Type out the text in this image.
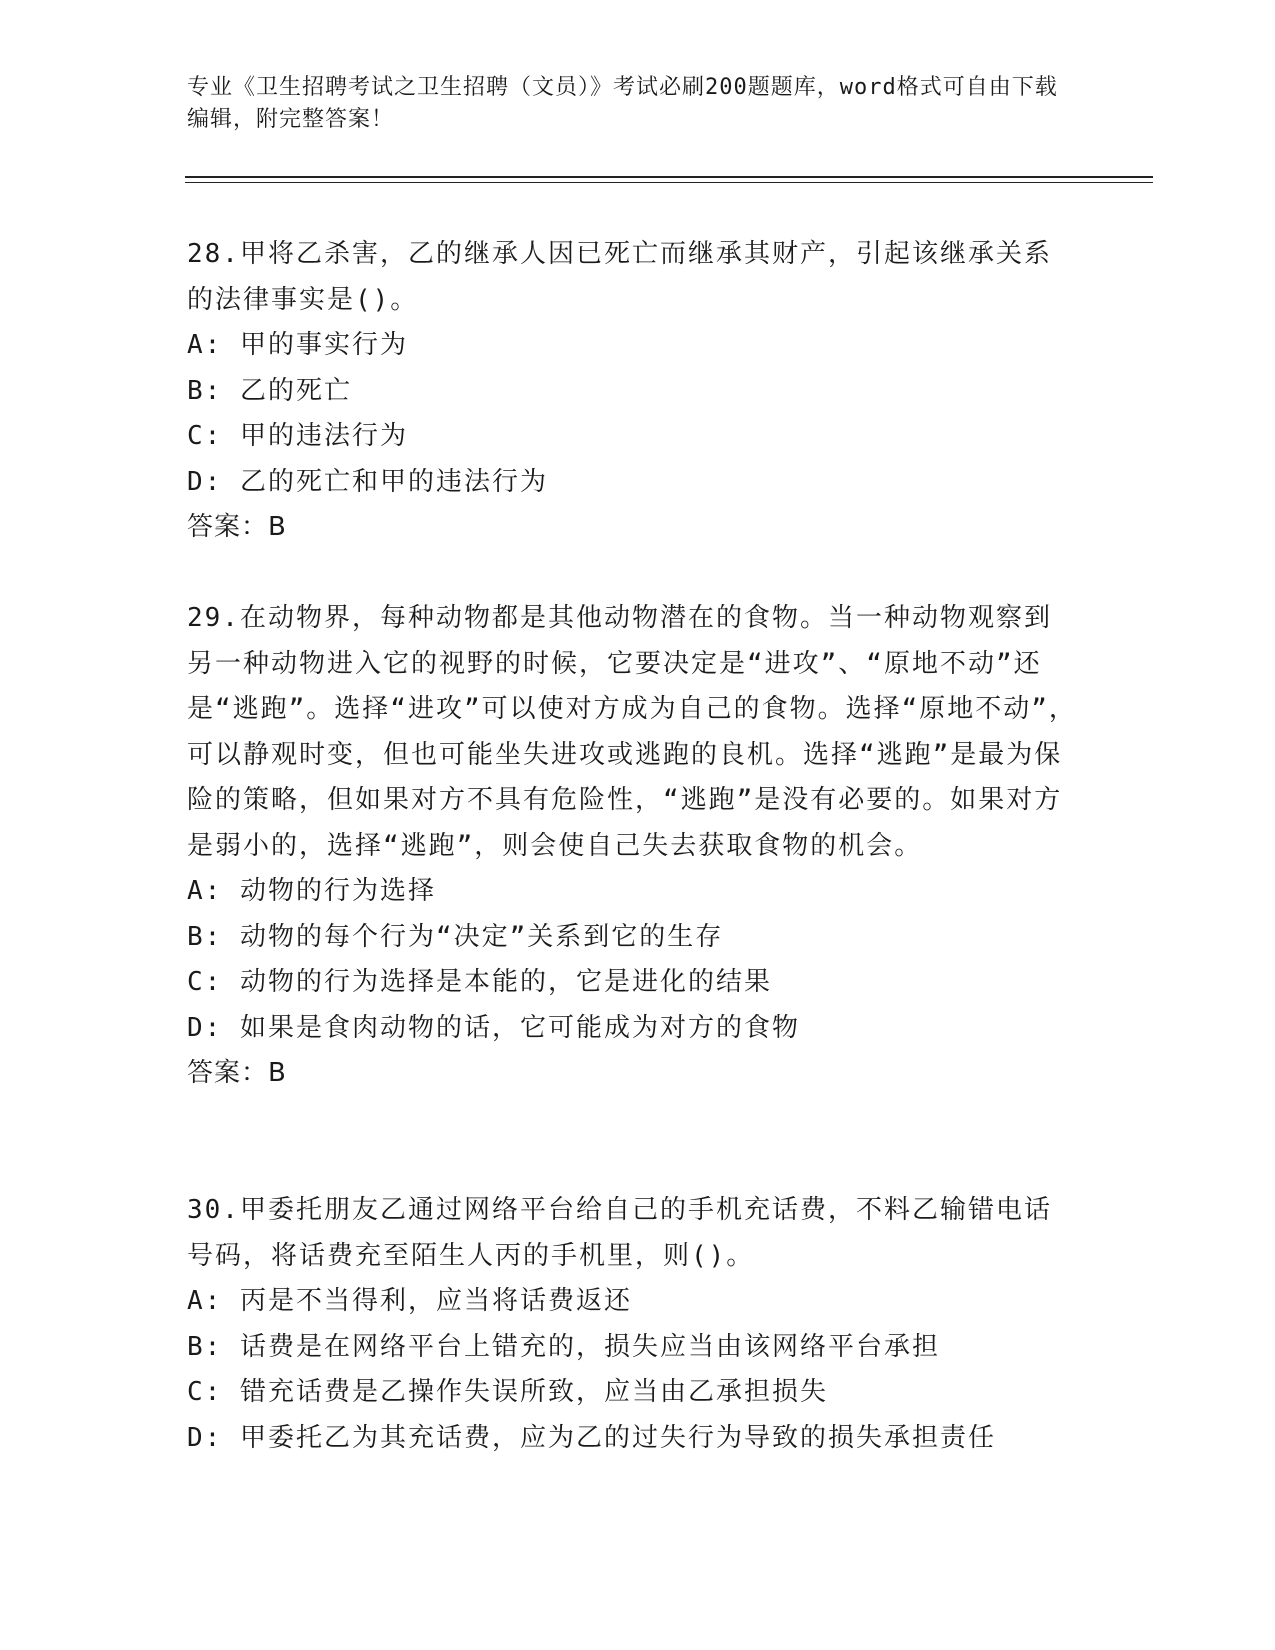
专业《卫生招聘考试之卫生招聘（文员）》考试必刷200题题库，word格式可自由下载编辑，附完整答案！
28.甲将乙杀害，乙的继承人因已死亡而继承其财产，引起该继承关系的法律事实是()。
A: 甲的事实行为
B: 乙的死亡
C: 甲的违法行为
D: 乙的死亡和甲的违法行为
答案：B
29.在动物界，每种动物都是其他动物潜在的食物。当一种动物观察到另一种动物进入它的视野的时候，它要决定是“进攻”、“原地不动”还是“逃跑”。选择“进攻”可以使对方成为自己的食物。选择“原地不动”，可以静观时变，但也可能坐失进攻或逃跑的良机。选择“逃跑”是最为保险的策略，但如果对方不具有危险性，“逃跑”是没有必要的。如果对方是弱小的，选择“逃跑”，则会使自己失去获取食物的机会。
A: 动物的行为选择
B: 动物的每个行为“决定”关系到它的生存
C: 动物的行为选择是本能的，它是进化的结果
D: 如果是食肉动物的话，它可能成为对方的食物
答案：B
30.甲委托朋友乙通过网络平台给自己的手机充话费，不料乙输错电话号码，将话费充至陌生人丙的手机里，则()。
A: 丙是不当得利，应当将话费返还
B: 话费是在网络平台上错充的，损失应当由该网络平台承担
C: 错充话费是乙操作失误所致，应当由乙承担损失
D: 甲委托乙为其充话费，应为乙的过失行为导致的损失承担责任
